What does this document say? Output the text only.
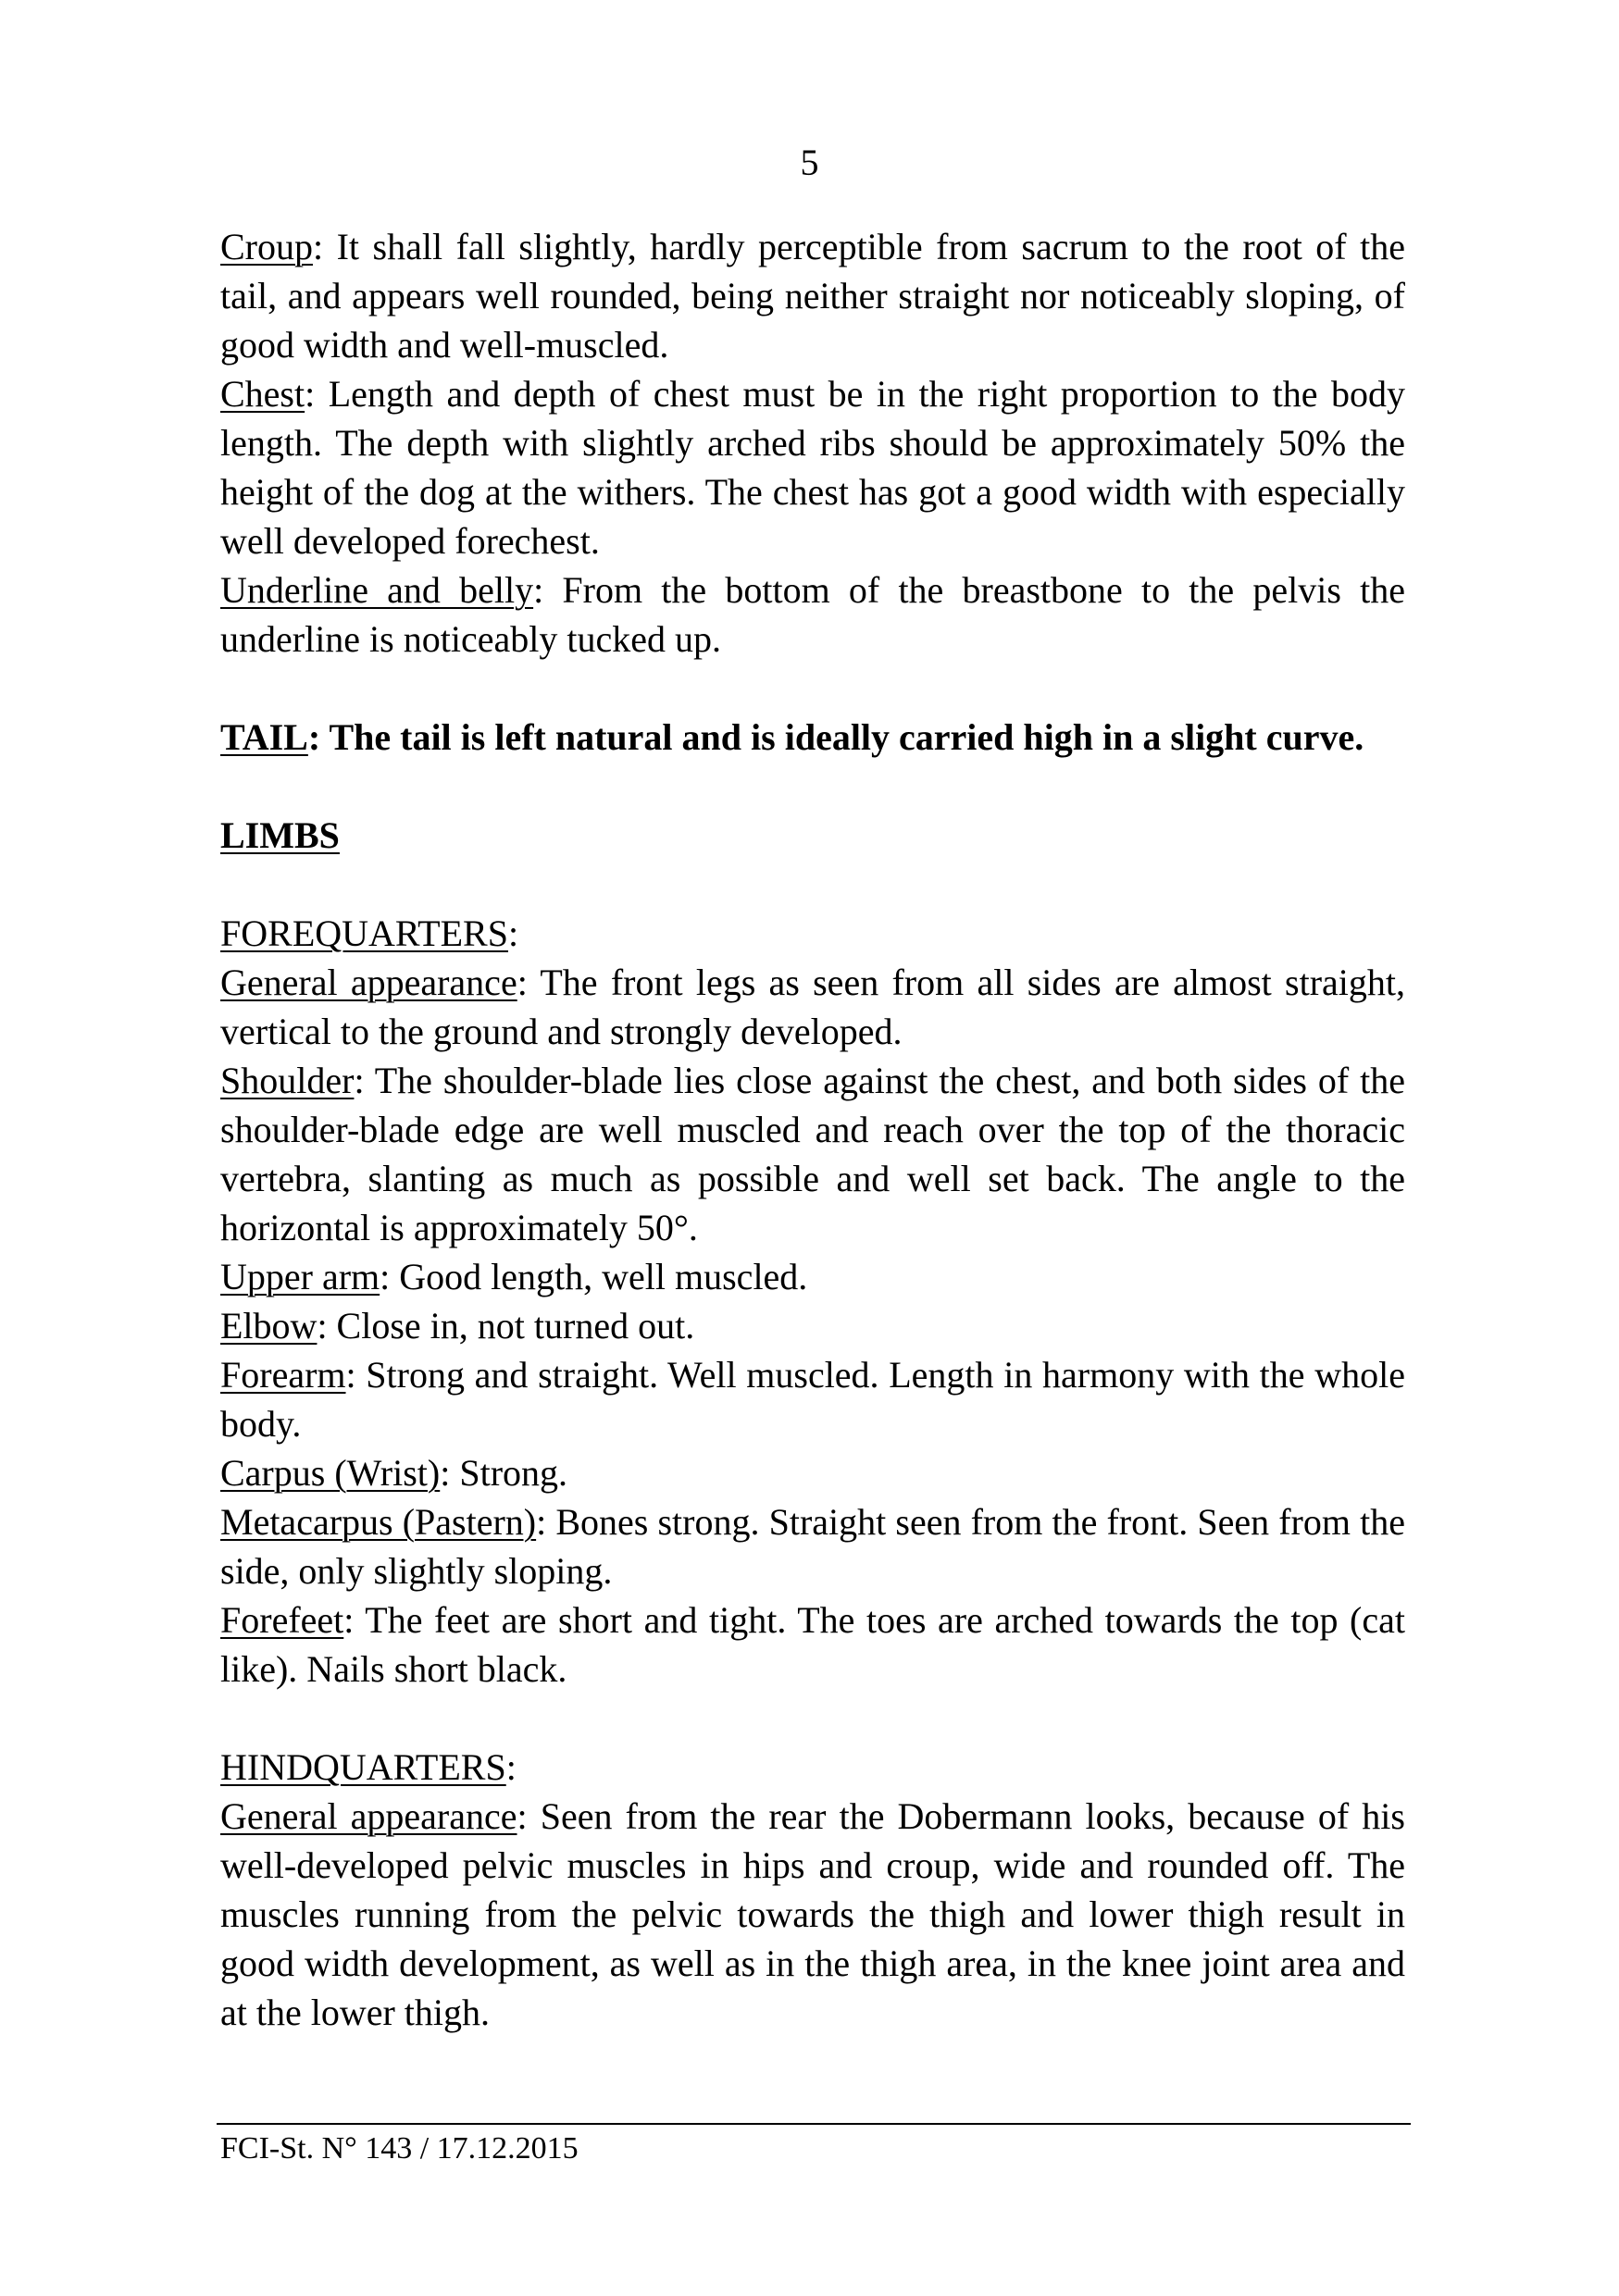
5

Croup: It shall fall slightly, hardly perceptible from sacrum to the root of the tail, and appears well rounded, being neither straight nor noticeably sloping, of good width and well-muscled.

Chest: Length and depth of chest must be in the right proportion to the body length. The depth with slightly arched ribs should be approximately 50% the height of the dog at the withers. The chest has got a good width with especially well developed forechest.

Underline and belly: From the bottom of the breastbone to the pelvis the underline is noticeably tucked up.

TAIL: The tail is left natural and is ideally carried high in a slight curve.

LIMBS

FOREQUARTERS:

General appearance: The front legs as seen from all sides are almost straight, vertical to the ground and strongly developed.

Shoulder: The shoulder-blade lies close against the chest, and both sides of the shoulder-blade edge are well muscled and reach over the top of the thoracic vertebra, slanting as much as possible and well set back. The angle to the horizontal is approximately 50°.

Upper arm: Good length, well muscled.

Elbow: Close in, not turned out.

Forearm: Strong and straight. Well muscled. Length in harmony with the whole body.

Carpus (Wrist): Strong.

Metacarpus (Pastern): Bones strong. Straight seen from the front. Seen from the side, only slightly sloping.

Forefeet: The feet are short and tight. The toes are arched towards the top (cat like). Nails short black.

HINDQUARTERS:

General appearance: Seen from the rear the Dobermann looks, because of his well-developed pelvic muscles in hips and croup, wide and rounded off. The muscles running from the pelvic towards the thigh and lower thigh result in good width development, as well as in the thigh area, in the knee joint area and at the lower thigh.

FCI-St. N° 143 / 17.12.2015
